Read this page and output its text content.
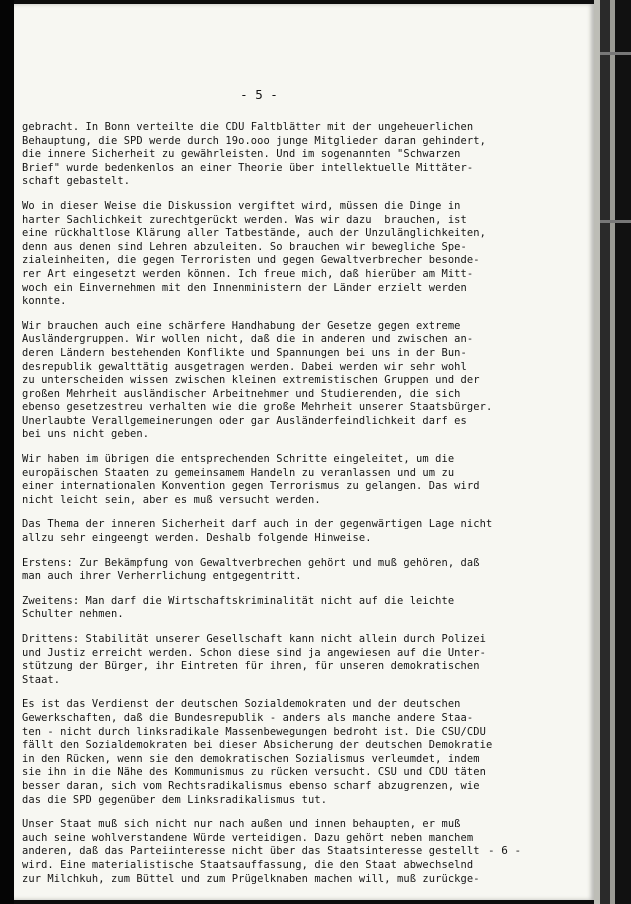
- 5 -
gebracht. In Bonn verteilte die CDU Faltblätter mit der ungeheuerlichen
Behauptung, die SPD werde durch 19o.ooo junge Mitglieder daran gehindert,
die innere Sicherheit zu gewährleisten. Und im sogenannten "Schwarzen
Brief" wurde bedenkenlos an einer Theorie über intellektuelle Mittäter-
schaft gebastelt.
Wo in dieser Weise die Diskussion vergiftet wird, müssen die Dinge in
harter Sachlichkeit zurechtgerückt werden. Was wir dazu  brauchen, ist
eine rückhaltlose Klärung aller Tatbestände, auch der Unzulänglichkeiten,
denn aus denen sind Lehren abzuleiten. So brauchen wir bewegliche Spe-
zialeinheiten, die gegen Terroristen und gegen Gewaltverbrecher besonde-
rer Art eingesetzt werden können. Ich freue mich, daß hierüber am Mitt-
woch ein Einvernehmen mit den Innenministern der Länder erzielt werden
konnte.
Wir brauchen auch eine schärfere Handhabung der Gesetze gegen extreme
Ausländergruppen. Wir wollen nicht, daß die in anderen und zwischen an-
deren Ländern bestehenden Konflikte und Spannungen bei uns in der Bun-
desrepublik gewalttätig ausgetragen werden. Dabei werden wir sehr wohl
zu unterscheiden wissen zwischen kleinen extremistischen Gruppen und der
großen Mehrheit ausländischer Arbeitnehmer und Studierenden, die sich
ebenso gesetzestreu verhalten wie die große Mehrheit unserer Staatsbürger.
Unerlaubte Verallgemeinerungen oder gar Ausländerfeindlichkeit darf es
bei uns nicht geben.
Wir haben im übrigen die entsprechenden Schritte eingeleitet, um die
europäischen Staaten zu gemeinsamem Handeln zu veranlassen und um zu
einer internationalen Konvention gegen Terrorismus zu gelangen. Das wird
nicht leicht sein, aber es muß versucht werden.
Das Thema der inneren Sicherheit darf auch in der gegenwärtigen Lage nicht
allzu sehr eingeengt werden. Deshalb folgende Hinweise.
Erstens: Zur Bekämpfung von Gewaltverbrechen gehört und muß gehören, daß
man auch ihrer Verherrlichung entgegentritt.
Zweitens: Man darf die Wirtschaftskriminalität nicht auf die leichte
Schulter nehmen.
Drittens: Stabilität unserer Gesellschaft kann nicht allein durch Polizei
und Justiz erreicht werden. Schon diese sind ja angewiesen auf die Unter-
stützung der Bürger, ihr Eintreten für ihren, für unseren demokratischen
Staat.
Es ist das Verdienst der deutschen Sozialdemokraten und der deutschen
Gewerkschaften, daß die Bundesrepublik - anders als manche andere Staa-
ten - nicht durch linksradikale Massenbewegungen bedroht ist. Die CSU/CDU
fällt den Sozialdemokraten bei dieser Absicherung der deutschen Demokratie
in den Rücken, wenn sie den demokratischen Sozialismus verleumdet, indem
sie ihn in die Nähe des Kommunismus zu rücken versucht. CSU und CDU täten
besser daran, sich vom Rechtsradikalismus ebenso scharf abzugrenzen, wie
das die SPD gegenüber dem Linksradikalismus tut.
Unser Staat muß sich nicht nur nach außen und innen behaupten, er muß
auch seine wohlverstandene Würde verteidigen. Dazu gehört neben manchem
anderen, daß das Parteiinteresse nicht über das Staatsinteresse gestellt
wird. Eine materialistische Staatsauffassung, die den Staat abwechselnd
zur Milchkuh, zum Büttel und zum Prügelknaben machen will, muß zurückge-
- 6 -
